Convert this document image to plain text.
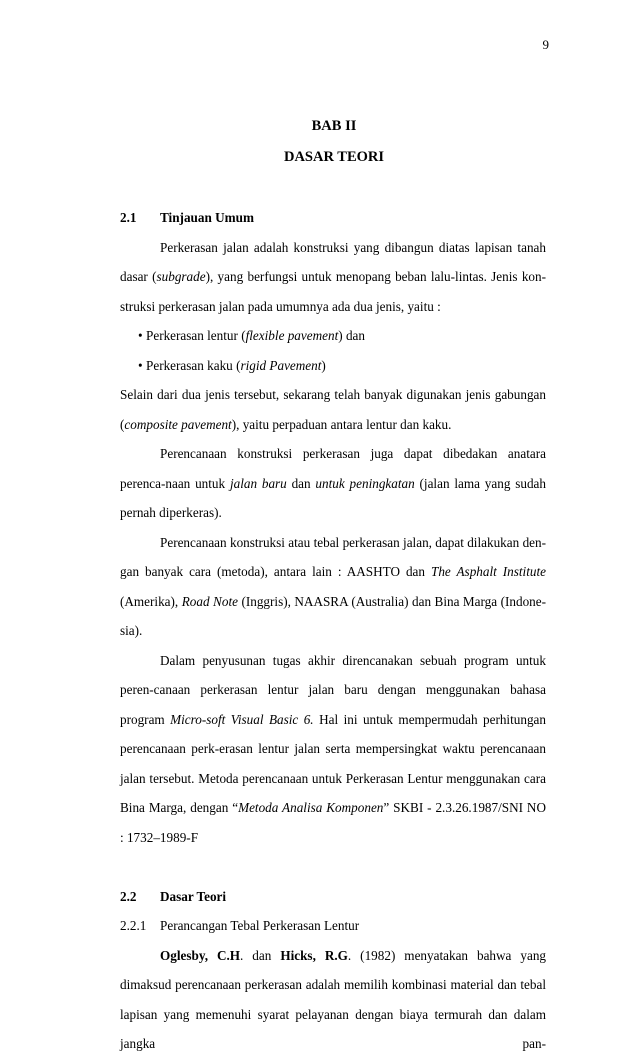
9
BAB II
DASAR TEORI
2.1	Tinjauan Umum
Perkerasan jalan adalah konstruksi yang dibangun diatas lapisan tanah dasar (subgrade), yang berfungsi untuk menopang beban lalu-lintas. Jenis kon-struksi perkerasan jalan pada umumnya ada dua jenis, yaitu :
• Perkerasan lentur (flexible pavement) dan
• Perkerasan kaku (rigid Pavement)
Selain dari dua jenis tersebut, sekarang telah banyak digunakan jenis gabungan (composite pavement), yaitu perpaduan antara lentur dan kaku.
Perencanaan konstruksi perkerasan juga dapat dibedakan anatara perenca-naan untuk jalan baru dan untuk peningkatan (jalan lama yang sudah pernah diperkeras).
Perencanaan konstruksi atau tebal perkerasan jalan, dapat dilakukan den-gan banyak cara (metoda), antara lain : AASHTO dan The Asphalt Institute (Amerika), Road Note (Inggris), NAASRA (Australia) dan Bina Marga (Indone-sia).
Dalam penyusunan tugas akhir direncanakan sebuah program untuk peren-canaan perkerasan lentur jalan baru dengan menggunakan bahasa program Micro-soft Visual Basic 6. Hal ini untuk mempermudah perhitungan perencanaan perk-erasan lentur jalan serta mempersingkat waktu perencanaan jalan tersebut. Metoda perencanaan untuk Perkerasan Lentur menggunakan cara Bina Marga, dengan “Metoda Analisa Komponen” SKBI - 2.3.26.1987/SNI NO : 1732–1989-F
2.2	Dasar Teori
2.2.1	Perancangan Tebal Perkerasan Lentur
Oglesby, C.H. dan Hicks, R.G. (1982) menyatakan bahwa yang dimaksud perencanaan perkerasan adalah memilih kombinasi material dan tebal lapisan yang memenuhi syarat pelayanan dengan biaya termurah dan dalam jangka pan-
